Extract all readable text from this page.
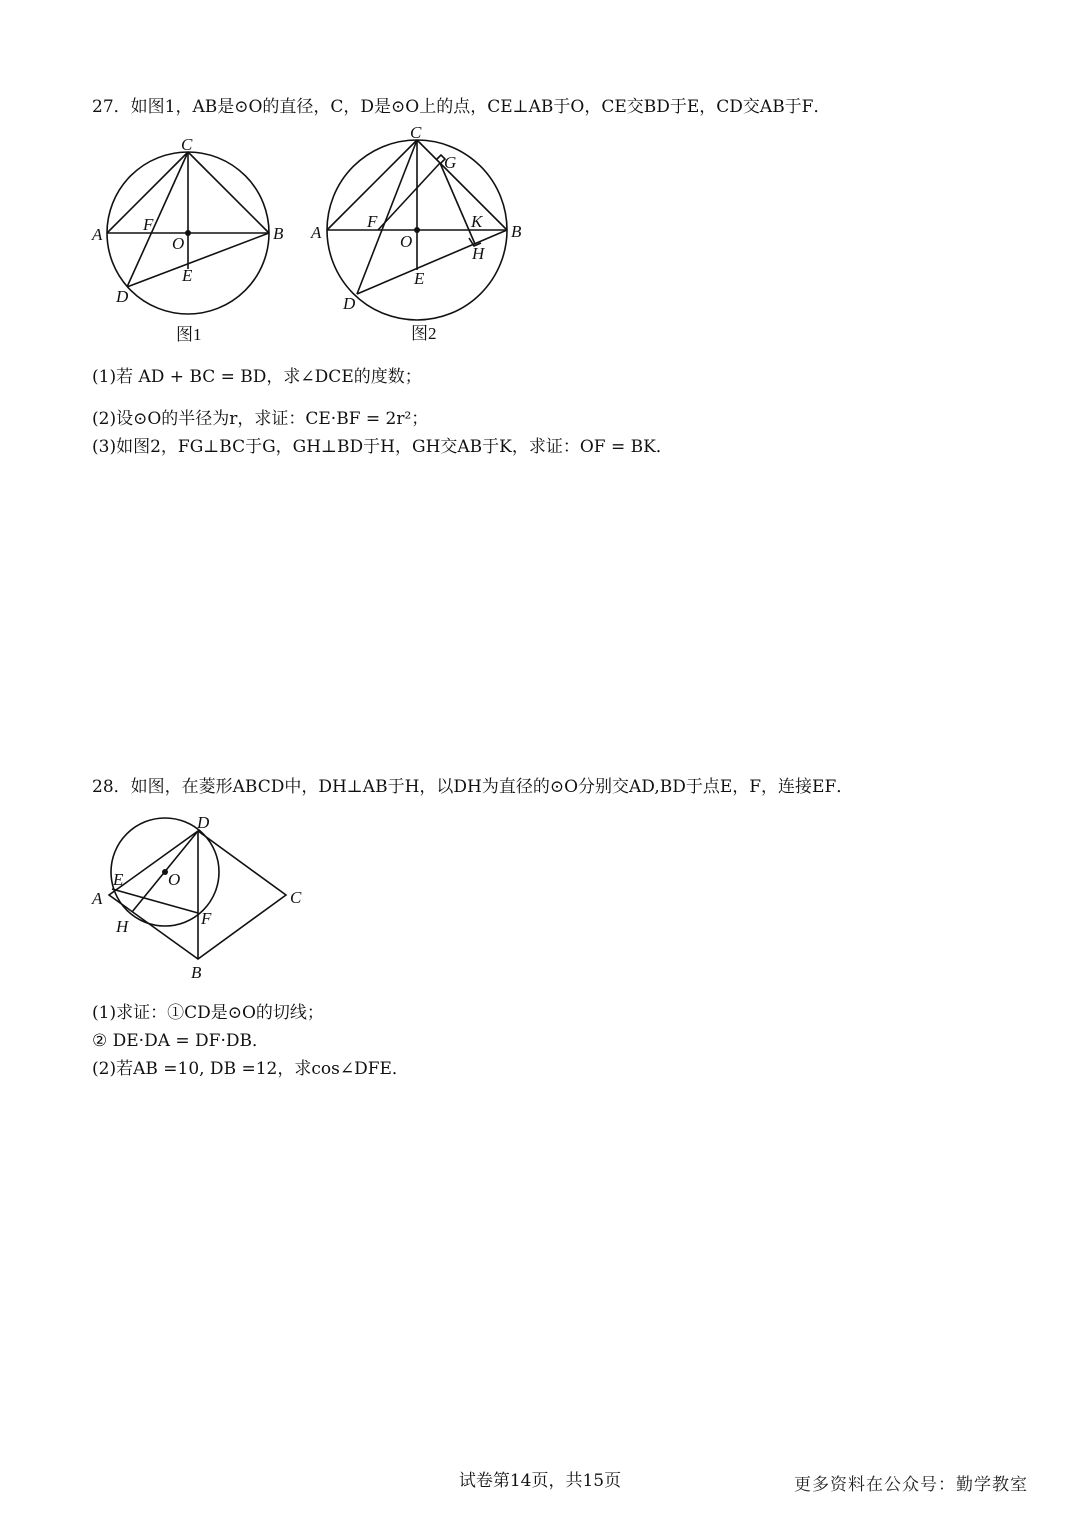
27．如图1，AB是⊙O的直径，C，D是⊙O上的点，CE⊥AB于O，CE交BD于E，CD交AB于F．
C
A	B
F
O
E
D
图1
C
G
A	B
F	K
O
H
E
D
图2
(1)若 AD + BC = BD，求∠DCE的度数；
(2)设⊙O的半径为r，求证：CE·BF = 2r²；
(3)如图2，FG⊥BC于G，GH⊥BD于H，GH交AB于K，求证：OF = BK．
28．如图，在菱形ABCD中，DH⊥AB于H，以DH为直径的⊙O分别交AD,BD于点E，F，连接EF．
D
E	O
A	C
H	F
B
(1)求证：①CD是⊙O的切线；
② DE·DA = DF·DB．
(2)若AB =10, DB =12，求cos∠DFE．
试卷第14页，共15页	更多资料在公众号：勤学教室
